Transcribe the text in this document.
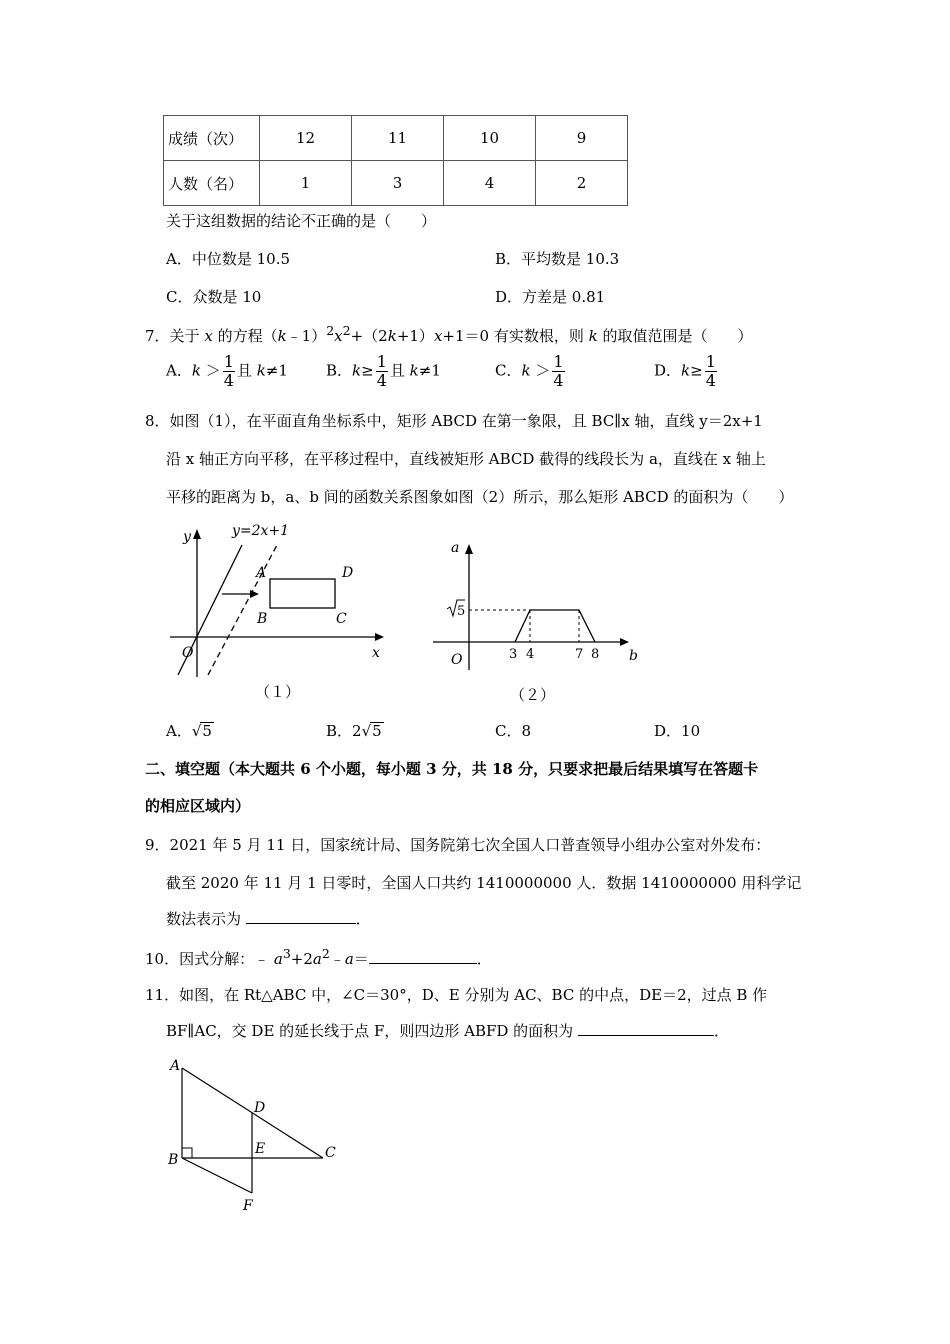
成绩（次）	12	11	10	9
人数（名）	1	3	4	2
关于这组数据的结论不正确的是（　　）
A．中位数是 10.5	B．平均数是 10.3
C．众数是 10	D．方差是 0.81
7．关于 x 的方程$(k﹣1)^2x^2+(2k+1)x+1=0$ 有实数根，则 k 的取值范围是（　　）
A．$k > \frac{1}{4}$ 且 k≠1	B．$k\ge \frac{1}{4}$ 且 k≠1	C．$k > \frac{1}{4}$	D．$k\ge \frac{1}{4}$
8．如图（1），在平面直角坐标系中，矩形 ABCD 在第一象限，且 BC∥x 轴，直线 y＝2x+1
沿 x 轴正方向平移，在平移过程中，直线被矩形 ABCD 截得的线段长为 a，直线在 x 轴上
平移的距离为 b，a、b 间的函数关系图象如图（2）所示，那么矩形 ABCD 的面积为（　　）
y=2x+1
y
x
O
A
B	C
D
（１）
a
b
O
5
3 4	7 8
（２）
A．√5	B．2√5	C．8	D．10
二、填空题（本大题共 6 个小题，每小题 3 分，共 18 分，只要求把最后结果填写在答题卡
的相应区域内）
9．2021 年 5 月 11 日，国家统计局、国务院第七次全国人口普查领导小组办公室对外发布：
截至 2020 年 11 月 1 日零时，全国人口共约 1410000000 人．数据 1410000000 用科学记
数法表示为	．
10．因式分解：﹣ $a^3+2a^2﹣a=$	．
11．如图，在 Rt△ABC 中，∠C＝30°，D、E 分别为 AC、BC 的中点，DE＝2，过点 B 作
BF∥AC，交 DE 的延长线于点 F，则四边形 ABFD 的面积为	．
A
B	C
D
E
F
